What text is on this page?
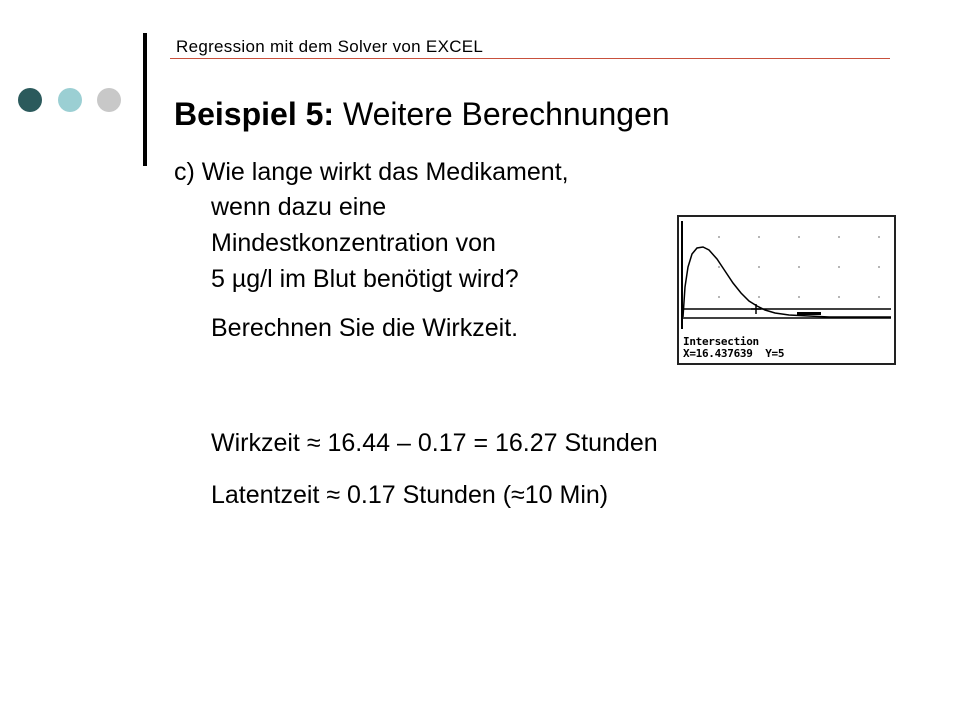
Regression mit dem Solver von EXCEL
Beispiel 5: Weitere Berechnungen
c) Wie lange wirkt das Medikament,
wenn dazu eine
Mindestkonzentration von
5 µg/l im Blut benötigt wird?
Berechnen Sie die Wirkzeit.	Intersection
X=16.437639 Y=5
Wirkzeit ≈ 16.44 – 0.17 = 16.27 Stunden
Latentzeit ≈ 0.17 Stunden (≈10 Min)
